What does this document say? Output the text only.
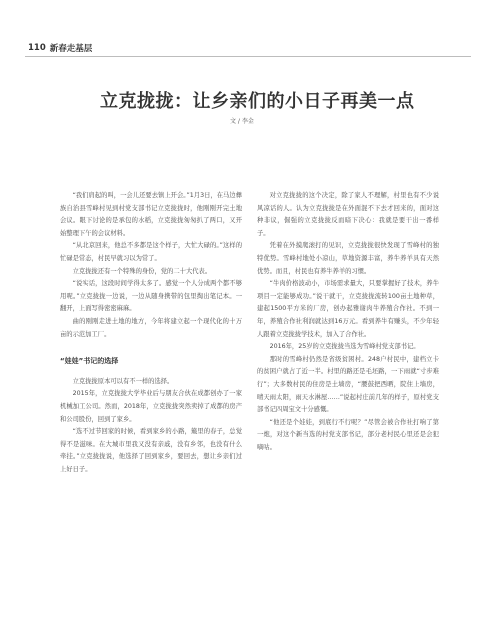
110 新春走基层
立克拢拢：让乡亲们的小日子再美一点
文 / 李金

“我们肩起的叫，一会儿还要去镇上开会。”1月3日，在马边彝族自治县雪峰村见到村党支部书记立克拢拢时，他刚刚开完土地会议。眼下讨论的是承包的水稻，立克拢拢匆匆扒了两口，又开始整理下午的会议材料。

“从北京回来，他总不多都是这个样子，大忙大碌的。”这样的忙碌是常态，村民早就习以为常了。

立克拢拢还有一个特殊的身份，党的二十大代表。

“说实话，这段时间学得太多了。感觉一个人分成两个都不够用呢。”立克拢拢一边说，一边从随身携带的包里掏出笔记本。一翻开，上面写得密密麻麻。

曲的刚刚走进土地的地方，今年将建立起一个现代化的十万亩的示范加工厂。

“娃娃”书记的选择

立克拢拢原本可以有不一样的选择。

2015年，立克拢拢大学毕业后与朋友合伙在成都创办了一家机械加工公司。然而，2018年，立克拢拢突然卖掉了成都的房产和公司股份，回到了家乡。

“选不过节回家的时候，看到家乡的小路，簸里的春子，总觉得不是滋味。在大城市里我又没有亲戚，没有乡邻，也没有什么牵挂。”立克拢拢说，他选择了回到家乡，要回去，想让乡亲们过上好日子。

对立克拢拢的这个决定，除了家人不理解，村里也有不少说风凉话的人。认为立克拢拢是在外面混不下去才回来的，面对这种非议，倔强的立克拢拢反而暗下决心：我就是要干出一番样子。

凭着在外摸爬滚打的见识，立克拢拢很快发现了雪峰村的独特优势。雪峰村地处小凉山，草地资源丰富，养牛养羊具有天然优势。而且，村民也有养牛养羊的习惯。

“牛肉价格波动小，市场需求量大，只要掌握好了技术，养牛项目一定能够成功。”说干就干，立克拢拢流转100亩土地种草，建起1500平方米的厂房，创办起雅谢肉牛养殖合作社。不到一年，养殖合作社利润就达到16万元。看到养牛有赚头，不少年轻人跟着立克拢拢学技术，加入了合作社。

2016年，25岁的立克拢拢当选为雪峰村党支部书记。

那时的雪峰村仍然是省级贫困村。248户村民中，建档立卡的贫困户就占了近一半。村里的路还是毛坯路，一下雨就“寸步难行”；大多数村民的住房是土墙房，“腰鼓把西晒，院住上墙房，晴天雨太阳，雨天水淋屋……”说起村庄前几年的样子，原村党支部书记四周宝文十分感慨。

“他还是个娃娃，到底行不行呢？”尽管会被合作社打响了第一炮，对这个新当选的村党支部书记，部分老村民心里还是会犯嘀咕。
